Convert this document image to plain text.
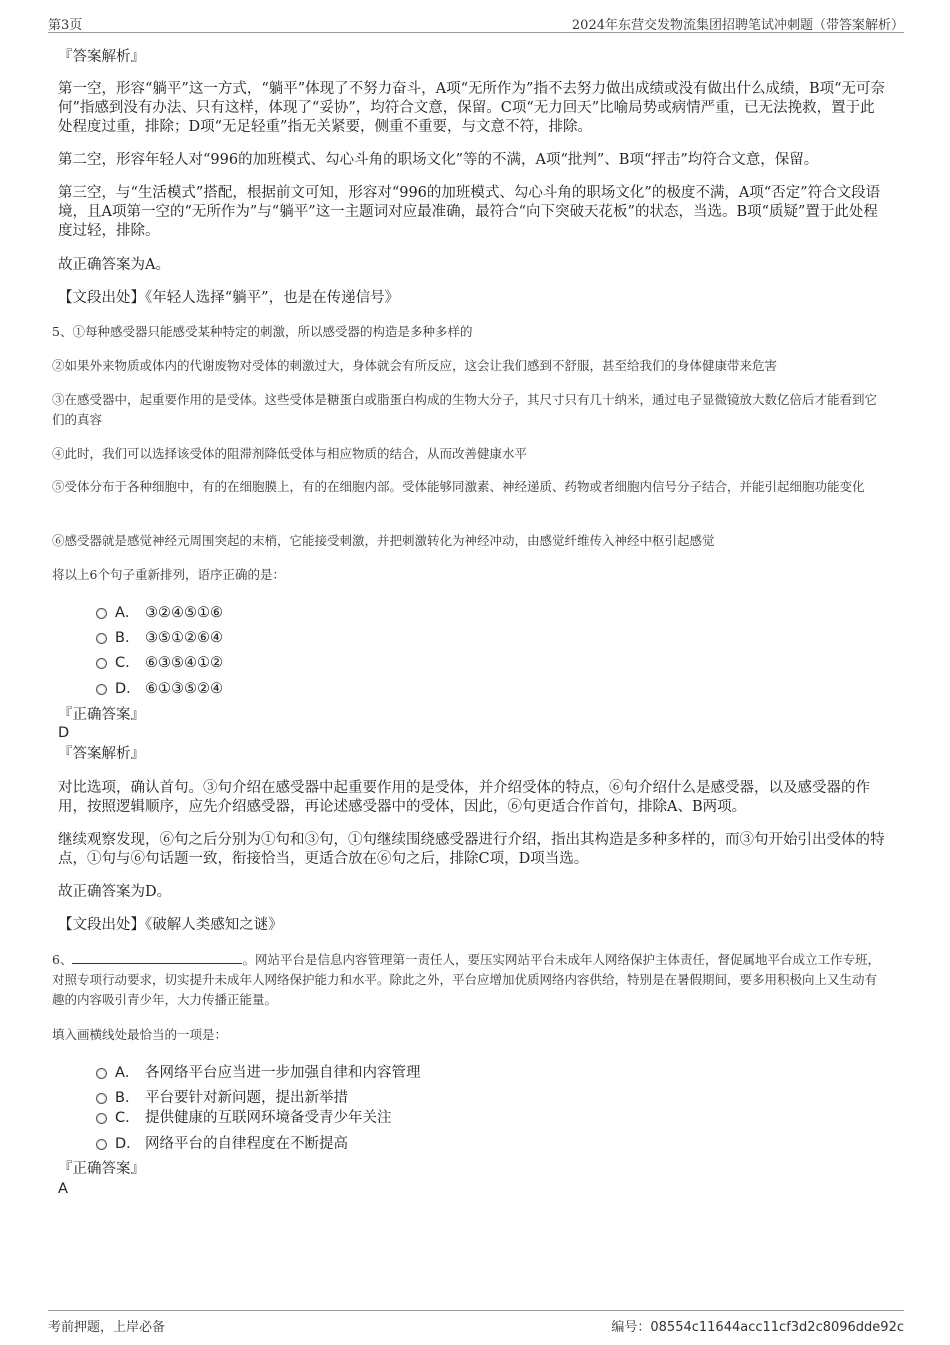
第3页	2024年东营交发物流集团招聘笔试冲刺题（带答案解析）
『答案解析』
第一空，形容“躺平”这一方式，“躺平”体现了不努力奋斗，A项“无所作为”指不去努力做出成绩或没有做出什么成绩，B项“无可奈何”指感到没有办法、只有这样，体现了“妥协”，均符合文意，保留。C项“无力回天”比喻局势或病情严重，已无法挽救，置于此处程度过重，排除；D项“无足轻重”指无关紧要，侧重不重要，与文意不符，排除。
第二空，形容年轻人对“996的加班模式、勾心斗角的职场文化”等的不满，A项“批判”、B项“抨击”均符合文意，保留。
第三空，与“生活模式”搭配，根据前文可知，形容对“996的加班模式、勾心斗角的职场文化”的极度不满，A项“否定”符合文段语境，且A项第一空的“无所作为”与“躺平”这一主题词对应最准确，最符合“向下突破天花板”的状态，当选。B项“质疑”置于此处程度过轻，排除。
故正确答案为A。
【文段出处】《年轻人选择“躺平”，也是在传递信号》
5、①每种感受器只能感受某种特定的刺激，所以感受器的构造是多种多样的
②如果外来物质或体内的代谢废物对受体的刺激过大，身体就会有所反应，这会让我们感到不舒服，甚至给我们的身体健康带来危害
③在感受器中，起重要作用的是受体。这些受体是糖蛋白或脂蛋白构成的生物大分子，其尺寸只有几十纳米，通过电子显微镜放大数亿倍后才能看到它们的真容
④此时，我们可以选择该受体的阻滞剂降低受体与相应物质的结合，从而改善健康水平
⑤受体分布于各种细胞中，有的在细胞膜上，有的在细胞内部。受体能够同激素、神经递质、药物或者细胞内信号分子结合，并能引起细胞功能变化
⑥感受器就是感觉神经元周围突起的末梢，它能接受刺激，并把刺激转化为神经冲动，由感觉纤维传入神经中枢引起感觉
将以上6个句子重新排列，语序正确的是：
A． ③②④⑤①⑥
B． ③⑤①②⑥④
C． ⑥③⑤④①②
D． ⑥①③⑤②④
『正确答案』
D
『答案解析』
对比选项，确认首句。③句介绍在感受器中起重要作用的是受体，并介绍受体的特点，⑥句介绍什么是感受器，以及感受器的作用，按照逻辑顺序，应先介绍感受器，再论述感受器中的受体，因此，⑥句更适合作首句，排除A、B两项。
继续观察发现，⑥句之后分别为①句和③句，①句继续围绕感受器进行介绍，指出其构造是多种多样的，而③句开始引出受体的特点，①句与⑥句话题一致，衔接恰当，更适合放在⑥句之后，排除C项，D项当选。
故正确答案为D。
【文段出处】《破解人类感知之谜》
6、	。网站平台是信息内容管理第一责任人，要压实网站平台未成年人网络保护主体责任，督促属地平台成立工作专班，对照专项行动要求，切实提升未成年人网络保护能力和水平。除此之外，平台应增加优质网络内容供给，特别是在暑假期间，要多用积极向上又生动有趣的内容吸引青少年，大力传播正能量。
填入画横线处最恰当的一项是：
A． 各网络平台应当进一步加强自律和内容管理
B． 平台要针对新问题，提出新举措
C． 提供健康的互联网环境备受青少年关注
D． 网络平台的自律程度在不断提高
『正确答案』
A
考前押题，上岸必备	编号：08554c11644acc11cf3d2c8096dde92c
